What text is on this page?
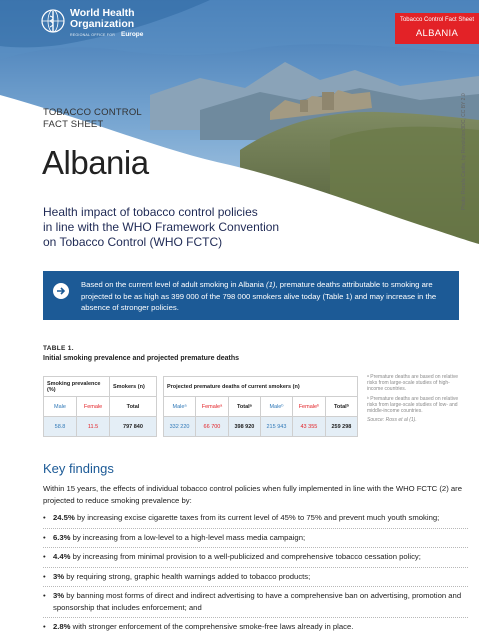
World Health
Organization
REGIONAL OFFICE FOR Europe
Tobacco Control Fact Sheet
ALBANIA
Photo: Rozafa Castle, by Revolution3DC, CC BY 2.0
TOBACCO CONTROL
FACT SHEET
Albania
Health impact of tobacco control policies
in line with the WHO Framework Convention
on Tobacco Control (WHO FCTC)
Based on the current level of adult smoking in Albania (1), premature deaths attributable to smoking are projected to be as high as 399 000 of the 798 000 smokers alive today (Table 1) and may increase in the absence of stronger policies.
TABLE 1.
Initial smoking prevalence and projected premature deaths
Smoking prevalence (%)		Smokers (n)
Male	Female	Total
58.8	11.5	797 840
Projected premature deaths of current smokers (n)					
Maleᵃ	Femaleᵃ	Totalᵃ	Maleᵇ	Femaleᵇ	Totalᵇ
332 220	66 700	398 920	215 943	43 355	259 298

ᵃ Premature deaths are based on relative risks from large-scale studies of high-income countries.

ᵇ Premature deaths are based on relative risks from large-scale studies of low- and middle-income countries.

Source: Ross et al (1).

Key findings
Within 15 years, the effects of individual tobacco control policies when fully implemented in line with the WHO FCTC (2) are projected to reduce smoking prevalence by:
• 24.5% by increasing excise cigarette taxes from its current level of 45% to 75% and prevent much youth smoking;
• 6.3% by increasing from a low-level to a high-level mass media campaign;
• 4.4% by increasing from minimal provision to a well-publicized and comprehensive tobacco cessation policy;
• 3% by requiring strong, graphic health warnings added to tobacco products;
• 3% by banning most forms of direct and indirect advertising to have a comprehensive ban on advertising, promotion and sponsorship that includes enforcement; and
• 2.8% with stronger enforcement of the comprehensive smoke-free laws already in place.
